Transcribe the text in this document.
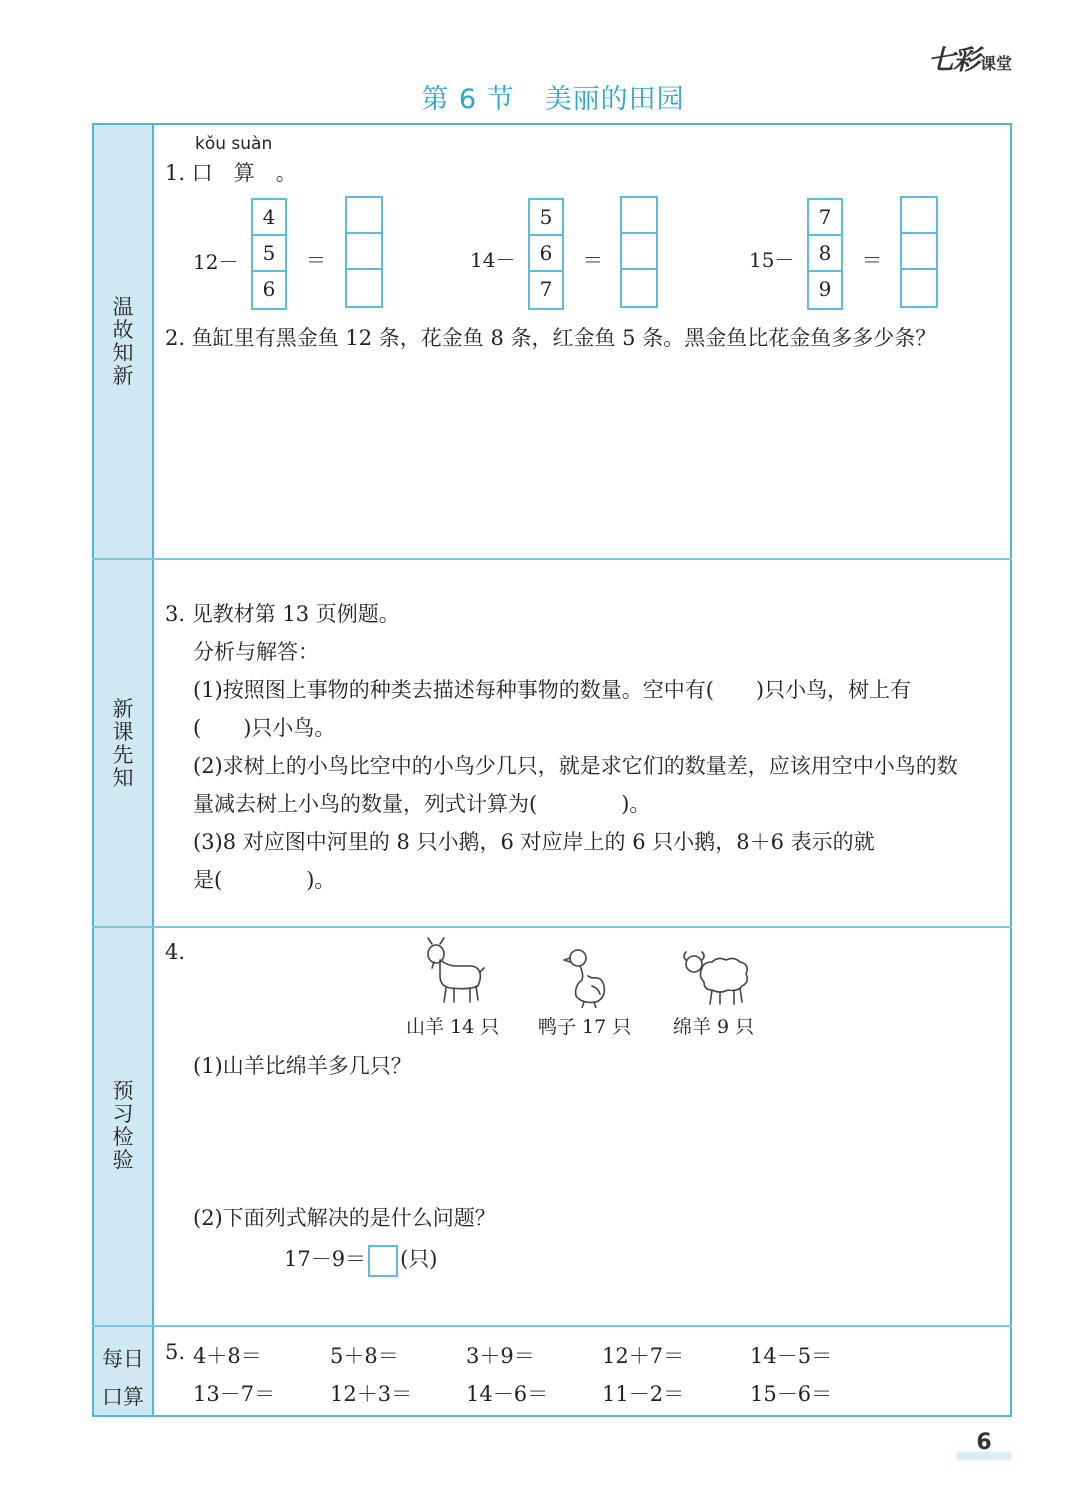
七彩 课堂
第 6 节 美丽的田园
温
故
知
新
新
课
先
知
预
习
检
验
每日
口算
kǒu suàn
1. 口　算　。
12－
4
5
6
＝	14－
5
6
7
＝	15－
7
8
9
＝
2. 鱼缸里有黑金鱼 12 条，花金鱼 8 条，红金鱼 5 条。黑金鱼比花金鱼多多少条？
3. 见教材第 13 页例题。
分析与解答：
(1)按照图上事物的种类去描述每种事物的数量。空中有(　　)只小鸟，树上有
(　　)只小鸟。
(2)求树上的小鸟比空中的小鸟少几只，就是求它们的数量差，应该用空中小鸟的数
量减去树上小鸟的数量，列式计算为(　　　　)。
(3)8 对应图中河里的 8 只小鹅，6 对应岸上的 6 只小鹅，8＋6 表示的就
是(　　　　)。
4.
山羊 14 只 鸭子 17 只 绵羊 9 只
(1)山羊比绵羊多几只？
(2)下面列式解决的是什么问题？
17－9＝ (只)
5. 4＋8＝	5＋8＝	3＋9＝	12＋7＝	14－5＝
13－7＝	12＋3＝	14－6＝	11－2＝	15－6＝
6
